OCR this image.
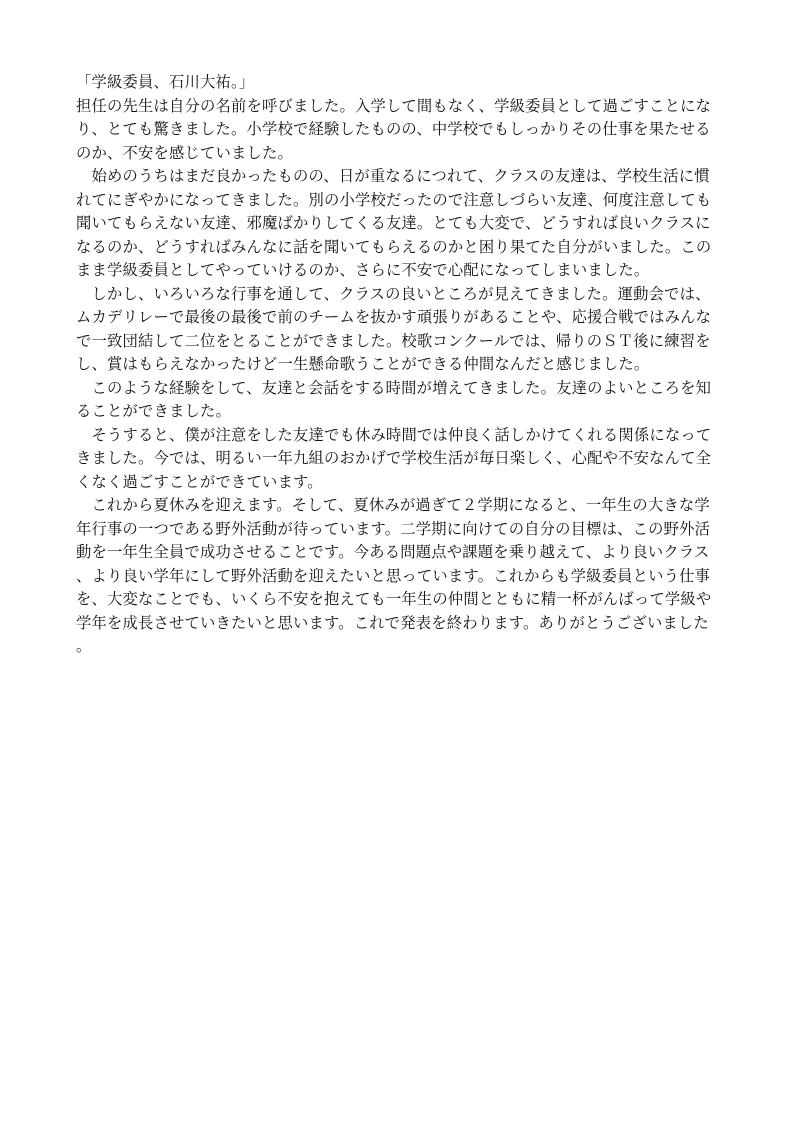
「学級委員、石川大祐。」

担任の先生は自分の名前を呼びました。入学して間もなく、学級委員として過ごすことになり、とても驚きました。小学校で経験したものの、中学校でもしっかりその仕事を果たせるのか、不安を感じていました。

始めのうちはまだ良かったものの、日が重なるにつれて、クラスの友達は、学校生活に慣れてにぎやかになってきました。別の小学校だったので注意しづらい友達、何度注意しても聞いてもらえない友達、邪魔ばかりしてくる友達。とても大変で、どうすれば良いクラスになるのか、どうすればみんなに話を聞いてもらえるのかと困り果てた自分がいました。このまま学級委員としてやっていけるのか、さらに不安で心配になってしまいました。

しかし、いろいろな行事を通して、クラスの良いところが見えてきました。運動会では、ムカデリレーで最後の最後で前のチームを抜かす頑張りがあることや、応援合戦ではみんなで一致団結して二位をとることができました。校歌コンクールでは、帰りのＳＴ後に練習をし、賞はもらえなかったけど一生懸命歌うことができる仲間なんだと感じました。

このような経験をして、友達と会話をする時間が増えてきました。友達のよいところを知ることができました。

そうすると、僕が注意をした友達でも休み時間では仲良く話しかけてくれる関係になってきました。今では、明るい一年九組のおかげで学校生活が毎日楽しく、心配や不安なんて全くなく過ごすことができています。

これから夏休みを迎えます。そして、夏休みが過ぎて２学期になると、一年生の大きな学年行事の一つである野外活動が待っています。二学期に向けての自分の目標は、この野外活動を一年生全員で成功させることです。今ある問題点や課題を乗り越えて、より良いクラス、より良い学年にして野外活動を迎えたいと思っています。これからも学級委員という仕事を、大変なことでも、いくら不安を抱えても一年生の仲間とともに精一杯がんばって学級や学年を成長させていきたいと思います。これで発表を終わります。ありがとうございました。
